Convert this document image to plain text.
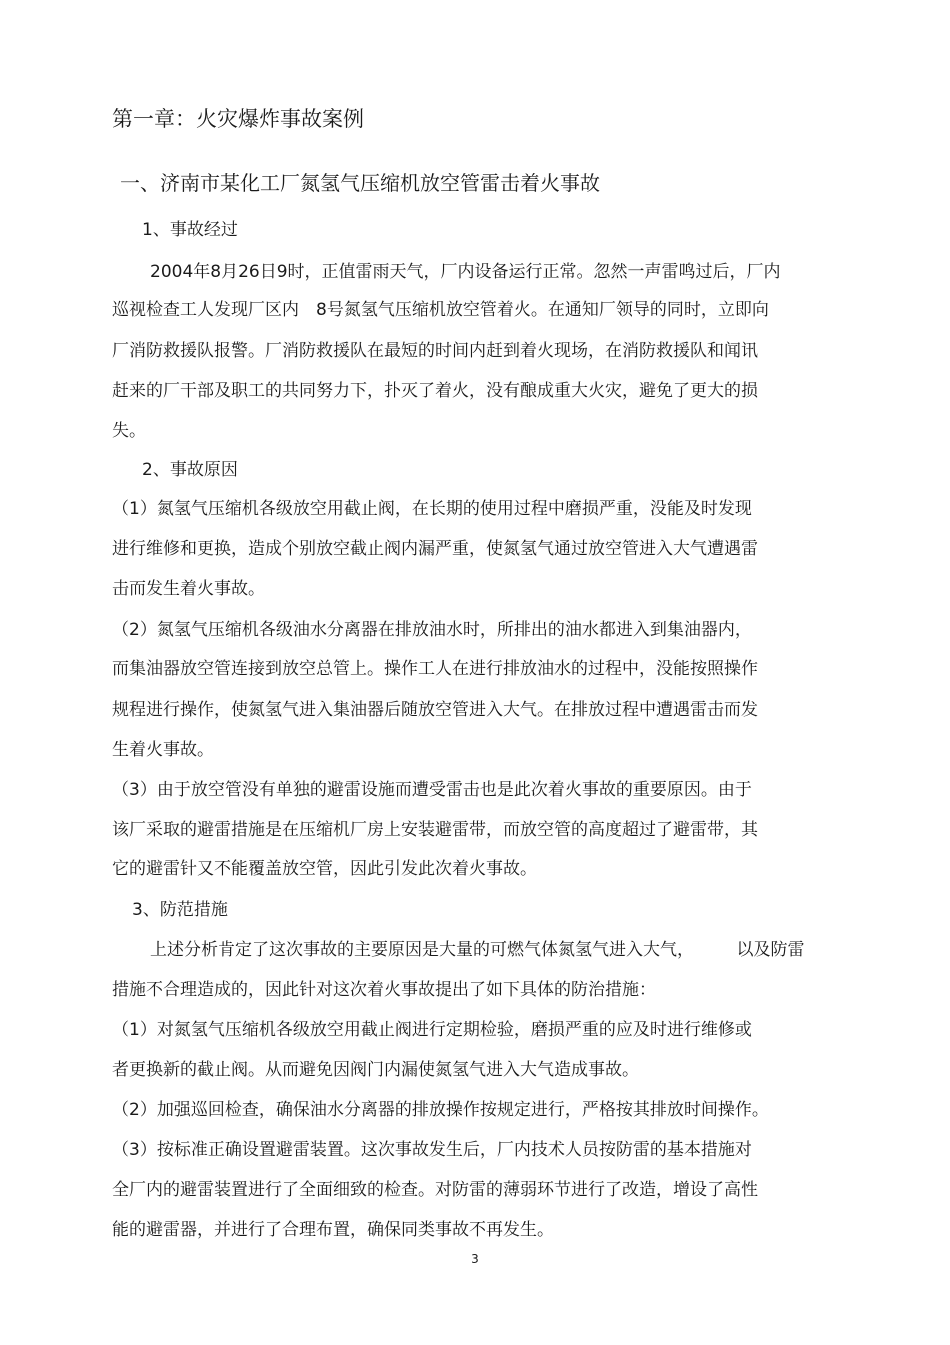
第一章：火灾爆炸事故案例
一、济南市某化工厂氮氢气压缩机放空管雷击着火事故
1、事故经过
2004年8月26日9时，正值雷雨天气，厂内设备运行正常。忽然一声雷鸣过后，厂内
巡视检查工人发现厂区内　8号氮氢气压缩机放空管着火。在通知厂领导的同时，立即向
厂消防救援队报警。厂消防救援队在最短的时间内赶到着火现场，在消防救援队和闻讯
赶来的厂干部及职工的共同努力下，扑灭了着火，没有酿成重大火灾，避免了更大的损
失。
2、事故原因
（1）氮氢气压缩机各级放空用截止阀，在长期的使用过程中磨损严重，没能及时发现
进行维修和更换，造成个别放空截止阀内漏严重，使氮氢气通过放空管进入大气遭遇雷
击而发生着火事故。
（2）氮氢气压缩机各级油水分离器在排放油水时，所排出的油水都进入到集油器内，
而集油器放空管连接到放空总管上。操作工人在进行排放油水的过程中，没能按照操作
规程进行操作，使氮氢气进入集油器后随放空管进入大气。在排放过程中遭遇雷击而发
生着火事故。
（3）由于放空管没有单独的避雷设施而遭受雷击也是此次着火事故的重要原因。由于
该厂采取的避雷措施是在压缩机厂房上安装避雷带，而放空管的高度超过了避雷带，其
它的避雷针又不能覆盖放空管，因此引发此次着火事故。
3、防范措施
上述分析肯定了这次事故的主要原因是大量的可燃气体氮氢气进入大气，　　　以及防雷
措施不合理造成的，因此针对这次着火事故提出了如下具体的防治措施：
（1）对氮氢气压缩机各级放空用截止阀进行定期检验，磨损严重的应及时进行维修或
者更换新的截止阀。从而避免因阀门内漏使氮氢气进入大气造成事故。
（2）加强巡回检查，确保油水分离器的排放操作按规定进行，严格按其排放时间操作。
（3）按标准正确设置避雷装置。这次事故发生后，厂内技术人员按防雷的基本措施对
全厂内的避雷装置进行了全面细致的检查。对防雷的薄弱环节进行了改造，增设了高性
能的避雷器，并进行了合理布置，确保同类事故不再发生。
3
